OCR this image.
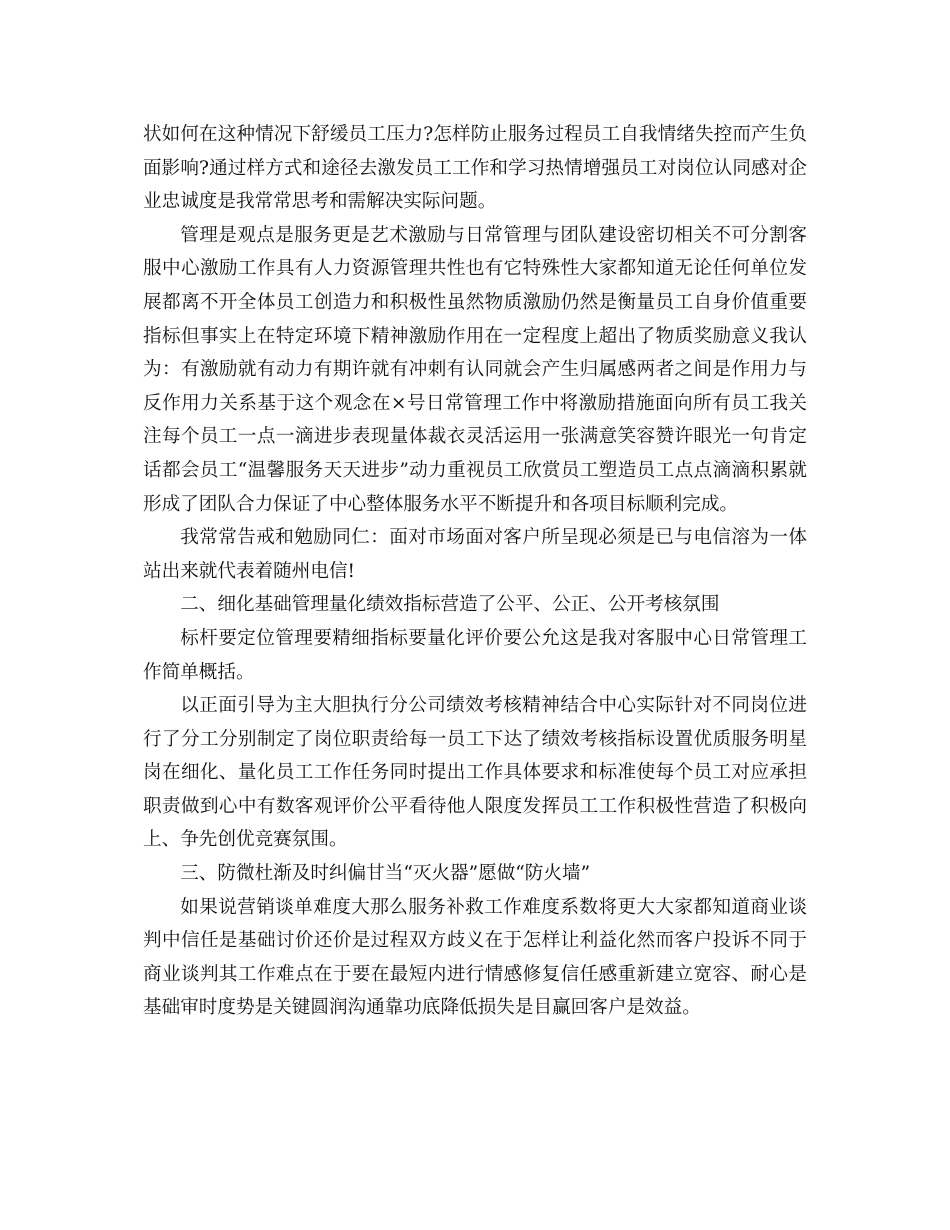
状如何在这种情况下舒缓员工压力?怎样防止服务过程员工自我情绪失控而产生负面影响?通过样方式和途径去激发员工工作和学习热情增强员工对岗位认同感对企业忠诚度是我常常思考和需解决实际问题。

管理是观点是服务更是艺术激励与日常管理与团队建设密切相关不可分割客服中心激励工作具有人力资源管理共性也有它特殊性大家都知道无论任何单位发展都离不开全体员工创造力和积极性虽然物质激励仍然是衡量员工自身价值重要指标但事实上在特定环境下精神激励作用在一定程度上超出了物质奖励意义我认为：有激励就有动力有期许就有冲刺有认同就会产生归属感两者之间是作用力与反作用力关系基于这个观念在×号日常管理工作中将激励措施面向所有员工我关注每个员工一点一滴进步表现量体裁衣灵活运用一张满意笑容赞许眼光一句肯定话都会员工“温馨服务天天进步”动力重视员工欣赏员工塑造员工点点滴滴积累就形成了团队合力保证了中心整体服务水平不断提升和各项目标顺利完成。

我常常告戒和勉励同仁：面对市场面对客户所呈现必须是已与电信溶为一体站出来就代表着随州电信!

二、细化基础管理量化绩效指标营造了公平、公正、公开考核氛围

标杆要定位管理要精细指标要量化评价要公允这是我对客服中心日常管理工作简单概括。

以正面引导为主大胆执行分公司绩效考核精神结合中心实际针对不同岗位进行了分工分别制定了岗位职责给每一员工下达了绩效考核指标设置优质服务明星岗在细化、量化员工工作任务同时提出工作具体要求和标准使每个员工对应承担职责做到心中有数客观评价公平看待他人限度发挥员工工作积极性营造了积极向上、争先创优竞赛氛围。

三、防微杜渐及时纠偏甘当“灭火器”愿做“防火墙”

如果说营销谈单难度大那么服务补救工作难度系数将更大大家都知道商业谈判中信任是基础讨价还价是过程双方歧义在于怎样让利益化然而客户投诉不同于商业谈判其工作难点在于要在最短内进行情感修复信任感重新建立宽容、耐心是基础审时度势是关键圆润沟通靠功底降低损失是目赢回客户是效益。
